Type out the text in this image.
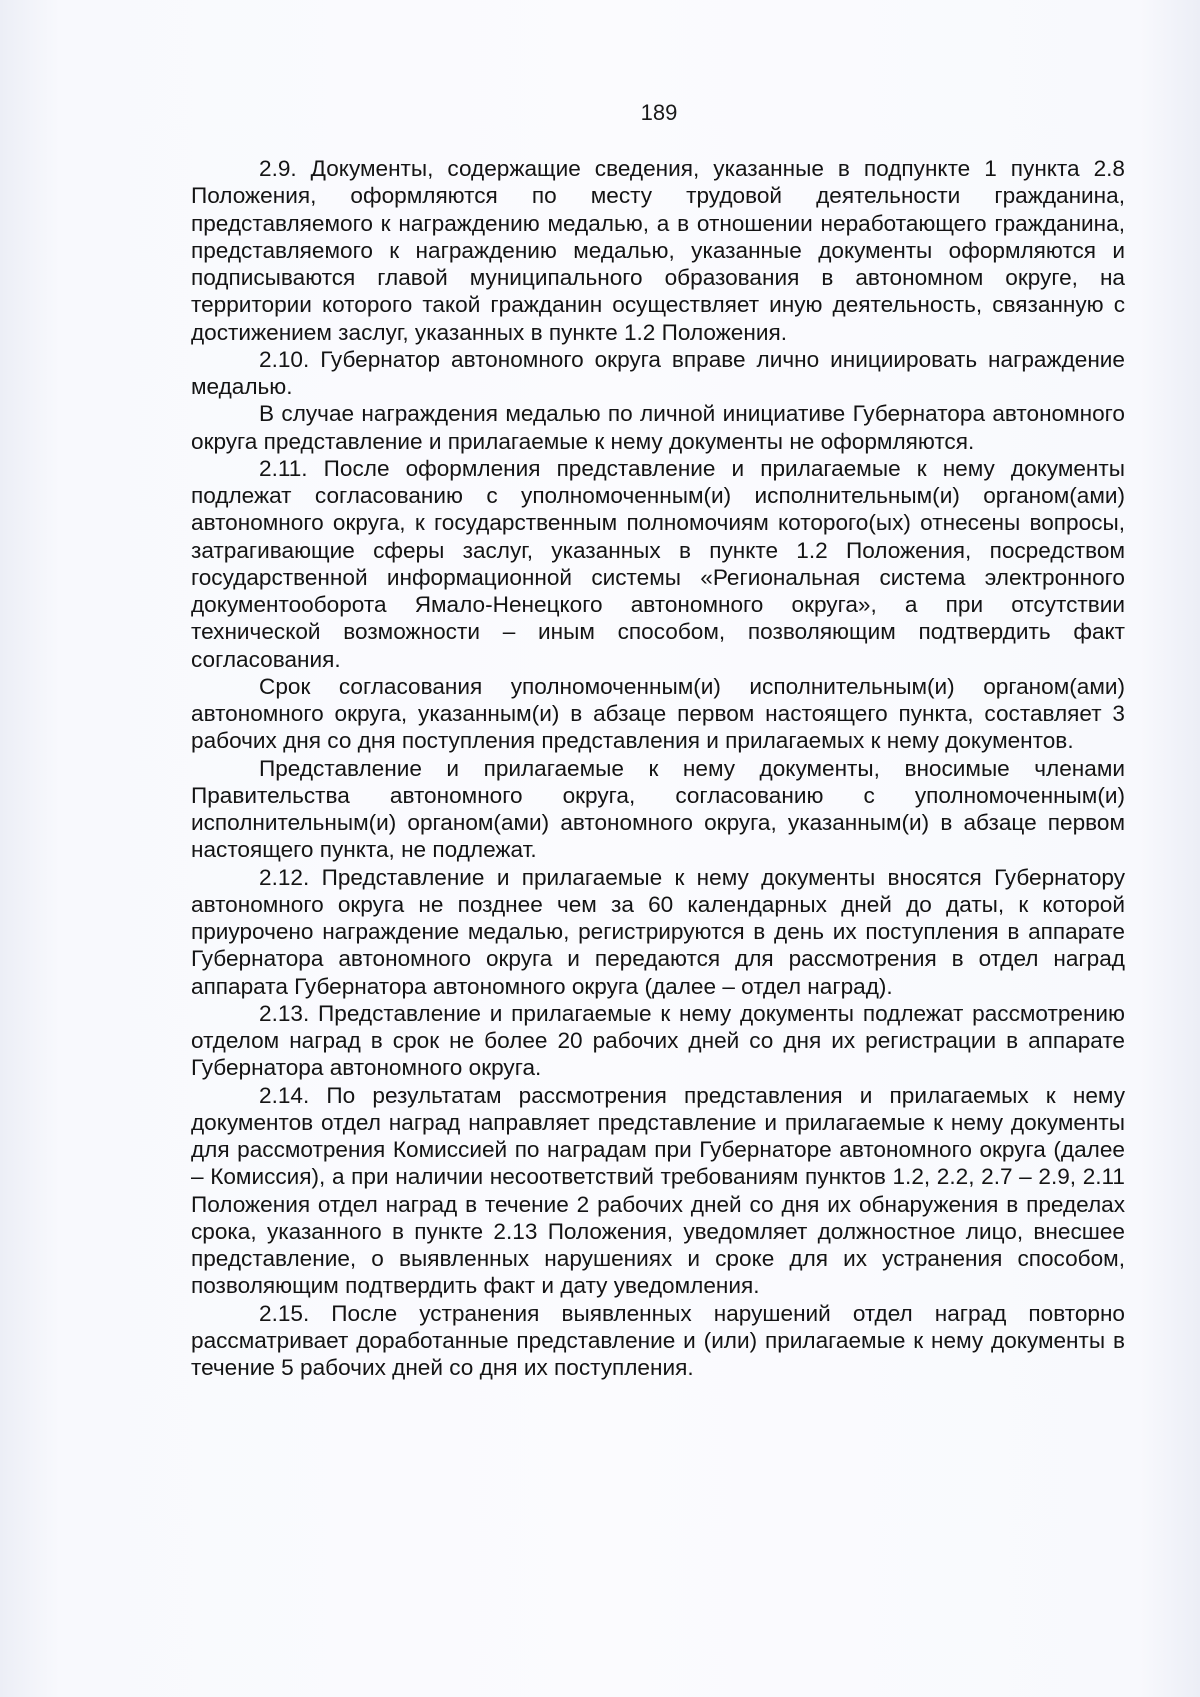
189

2.9. Документы, содержащие сведения, указанные в подпункте 1 пункта 2.8 Положения, оформляются по месту трудовой деятельности гражданина, представляемого к награждению медалью, а в отношении неработающего гражданина, представляемого к награждению медалью, указанные документы оформляются и подписываются главой муниципального образования в автономном округе, на территории которого такой гражданин осуществляет иную деятельность, связанную с достижением заслуг, указанных в пункте 1.2 Положения.

2.10. Губернатор автономного округа вправе лично инициировать награждение медалью.

В случае награждения медалью по личной инициативе Губернатора автономного округа представление и прилагаемые к нему документы не оформляются.

2.11. После оформления представление и прилагаемые к нему документы подлежат согласованию с уполномоченным(и) исполнительным(и) органом(ами) автономного округа, к государственным полномочиям которого(ых) отнесены вопросы, затрагивающие сферы заслуг, указанных в пункте 1.2 Положения, посредством государственной информационной системы «Региональная система электронного документооборота Ямало-Ненецкого автономного округа», а при отсутствии технической возможности – иным способом, позволяющим подтвердить факт согласования.

Срок согласования уполномоченным(и) исполнительным(и) органом(ами) автономного округа, указанным(и) в абзаце первом настоящего пункта, составляет 3 рабочих дня со дня поступления представления и прилагаемых к нему документов.

Представление и прилагаемые к нему документы, вносимые членами Правительства автономного округа, согласованию с уполномоченным(и) исполнительным(и) органом(ами) автономного округа, указанным(и) в абзаце первом настоящего пункта, не подлежат.

2.12. Представление и прилагаемые к нему документы вносятся Губернатору автономного округа не позднее чем за 60 календарных дней до даты, к которой приурочено награждение медалью, регистрируются в день их поступления в аппарате Губернатора автономного округа и передаются для рассмотрения в отдел наград аппарата Губернатора автономного округа (далее – отдел наград).

2.13. Представление и прилагаемые к нему документы подлежат рассмотрению отделом наград в срок не более 20 рабочих дней со дня их регистрации в аппарате Губернатора автономного округа.

2.14. По результатам рассмотрения представления и прилагаемых к нему документов отдел наград направляет представление и прилагаемые к нему документы для рассмотрения Комиссией по наградам при Губернаторе автономного округа (далее – Комиссия), а при наличии несоответствий требованиям пунктов 1.2, 2.2, 2.7 – 2.9, 2.11 Положения отдел наград в течение 2 рабочих дней со дня их обнаружения в пределах срока, указанного в пункте 2.13 Положения, уведомляет должностное лицо, внесшее представление, о выявленных нарушениях и сроке для их устранения способом, позволяющим подтвердить факт и дату уведомления.

2.15. После устранения выявленных нарушений отдел наград повторно рассматривает доработанные представление и (или) прилагаемые к нему документы в течение 5 рабочих дней со дня их поступления.
